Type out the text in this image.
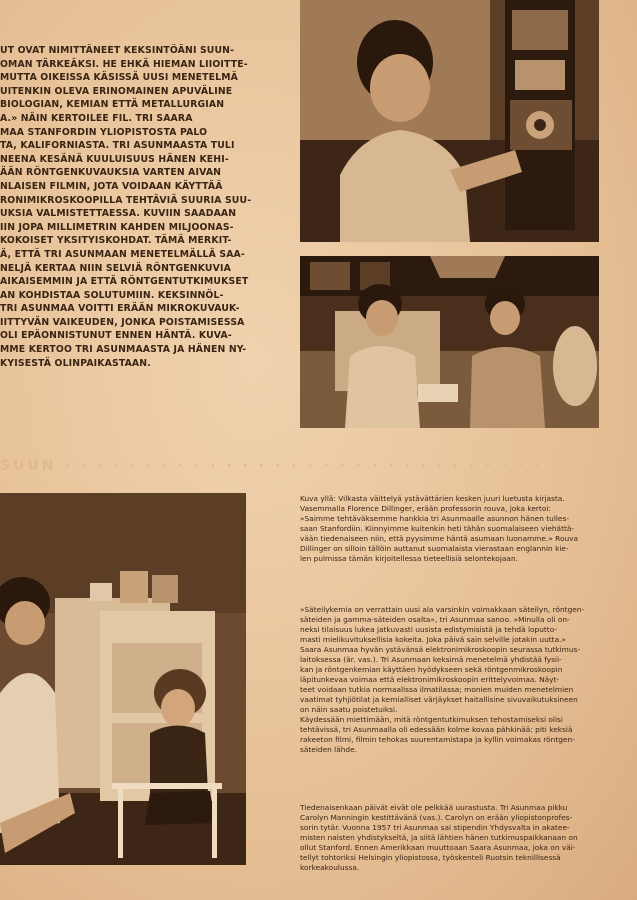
UT OVAT NIMITTÄNEET KEKSINTÖÄNI SUUN-
OMAN TÄRKEÄKSI. HE EHKÄ HIEMAN LIIOITTE-
MUTTA OIKEISSA KÄSISSÄ UUSI MENETELMÄ
UITENKIN OLEVA ERINOMAINEN APUVÄLINE
BIOLOGIAN, KEMIAN ETTÄ METALLURGIAN
A.» NÄIN KERTOILEE FIL. TRI SAARA
MAA STANFORDIN YLIOPISTOSTA PALO
TA, KALIFORNIASTA. TRI ASUNMAASTA TULI
NEENA KESÄNÄ KUULUISUUS HÄNEN KEHI-
ÄÄN RÖNTGENKUVAUKSIA VARTEN AIVAN
NLAISEN FILMIN, JOTA VOIDAAN KÄYTTÄÄ
RONIMIKROSKOOPILLA TEHTÄVIÄ SUURIA SUU-
UKSIA VALMISTETTAESSA. KUVIIN SAADAAN
IIN JOPA MILLIMETRIN KAHDEN MILJOONAS-
KOKOISET YKSITYISKOHDAT. TÄMÄ MERKIT-
Ä, ETTÄ TRI ASUNMAAN MENETELMÄLLÄ SAA-
NELJÄ KERTAA NIIN SELVIÄ RÖNTGENKUVIA
AIKAISEMMIN JA ETTÄ RÖNTGENTUTKIMUKSET
AN KOHDISTAA SOLUTUMIIN. KEKSINNÖL-
TRI ASUNMAA VOITTI ERÄÄN MIKROKUVAUK-
IITTYVÄN VAIKEUDEN, JONKA POISTAMISESSA
OLI EPÄONNISTUNUT ENNEN HÄNTÄ. KUVA-
MME KERTOO TRI ASUNMAASTA JA HÄNEN NY-
KYISESTÄ OLINPAIKASTAAN.
SUUN · · · · · · · · · · · · · · · · · · · · · · · · · · · · · ·
Kuva yllä: Vilkasta väittelyä ystävättärien kesken juuri luetusta kirjasta.
Vasemmalla Florence Dillinger, erään professorin rouva, joka kertoi:
»Saimme tehtäväksemme hankkia tri Asunmaalle asunnon hänen tulles-
saan Stanfordiin. Kiinnyimme kuitenkin heti tähän suomalaiseen viehättä-
vään tiedenaiseen niin, että pyysimme häntä asumaan luonamme.» Rouva
Dillinger on silloin tällöin auttanut suomalaista vierastaan englannin kie-
len pulmissa tämän kirjoitellessa tieteellisiä selontekojaan.
»Säteilykemia on verrattain uusi ala varsinkin voimakkaan säteilyn, röntgen-
säteiden ja gamma-säteiden osalta», tri Asunmaa sanoo. »Minulla oli on-
neksi tilaisuus lukea jatkuvasti uusista edistymisistä ja tehdä loputto-
masti mielikuvituksellisia kokeita. Joka päivä sain selville jotakin uutta.»
Saara Asunmaa hyvän ystävänsä elektronimikroskoopin seurassa tutkimus-
laitoksessa (är. vas.). Tri Asunmaan keksimä menetelmä yhdistää fysii-
kan ja röntgenkemian käyttäen hyödykseen sekä röntgenmikroskoopin
läpitunkevaa voimaa että elektronimikroskoopin erittelyvoimaa. Näyt-
teet voidaan tutkia normaalissa ilmatilassa; monien muiden menetelmien
vaatimat tyhjiötilat ja kemialliset värjäykset haitallisine sivuvaikutuksineen
on näin saatu poistetuiksi.
Käydessään miettimään, mitä röntgentutkimuksen tehostamiseksi olisi
tehtävissä, tri Asunmaalla oli edessään kolme kovaa pähkinää: piti keksiä
rakeeton filmi, filmin tehokas suurentamistapa ja kyllin voimakas röntgen-
säteiden lähde.
Tiedenaisenkaan päivät eivät ole pelkkää uurastusta. Tri Asunmaa pikku
Carolyn Manningin kestittävänä (vas.). Carolyn on erään yliopistonprofes-
sorin tytär. Vuonna 1957 tri Asunmaa sai stipendin Yhdysvalta in akatee-
misten naisten yhdistykseltä, ja siitä lähtien hänen tutkimuspaikkanaan on
ollut Stanford. Ennen Amerikkaan muuttoaan Saara Asunmaa, joka on väi-
tellyt tohtoriksi Helsingin yliopistossa, työskenteli Ruotsin teknillisessä
korkeakoulussa.
